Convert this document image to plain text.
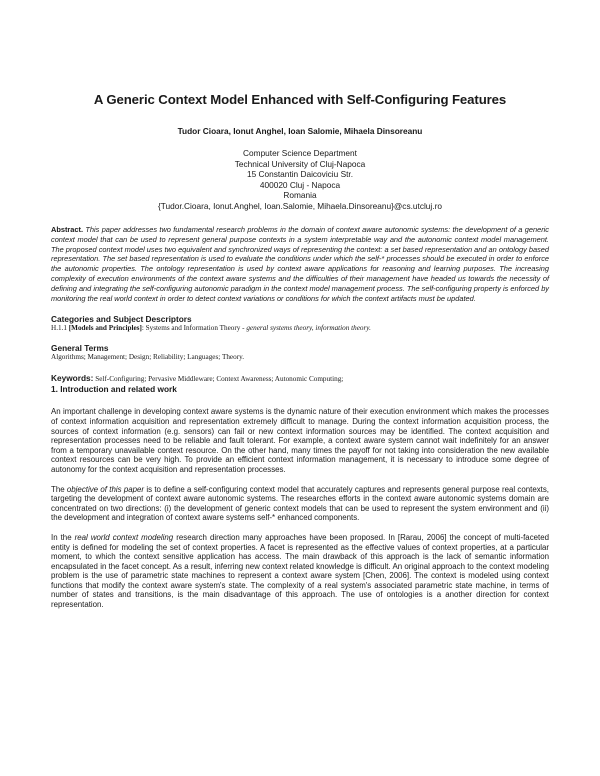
A Generic Context Model Enhanced with Self-Configuring Features

Tudor Cioara, Ionut Anghel, Ioan Salomie, Mihaela Dinsoreanu

Computer Science Department
Technical University of Cluj-Napoca
15 Constantin Daicoviciu Str.
400020 Cluj - Napoca
Romania
{Tudor.Cioara, Ionut.Anghel, Ioan.Salomie, Mihaela.Dinsoreanu}@cs.utcluj.ro

Abstract. This paper addresses two fundamental research problems in the domain of context aware autonomic systems: the development of a generic context model that can be used to represent general purpose contexts in a system interpretable way and the autonomic context model management. The proposed context model uses two equivalent and synchronized ways of representing the context: a set based representation and an ontology based representation. The set based representation is used to evaluate the conditions under which the self-* processes should be executed in order to enforce the autonomic properties. The ontology representation is used by context aware applications for reasoning and learning purposes. The increasing complexity of execution environments of the context aware systems and the difficulties of their management have headed us towards the necessity of defining and integrating the self-configuring autonomic paradigm in the context model management process. The self-configuring property is enforced by monitoring the real world context in order to detect context variations or conditions for which the context artifacts must be updated.

Categories and Subject Descriptors
H.1.1 [Models and Principles]: Systems and Information Theory - general systems theory, information theory.
General Terms
Algorithms; Management; Design; Reliability; Languages; Theory.
Keywords: Self-Configuring; Pervasive Middleware; Context Awareness; Autonomic Computing;
1. Introduction and related work

An important challenge in developing context aware systems is the dynamic nature of their execution environment which makes the processes of context information acquisition and representation extremely difficult to manage. During the context information acquisition process, the sources of context information (e.g. sensors) can fail or new context information sources may be identified. The context acquisition and representation processes need to be reliable and fault tolerant. For example, a context aware system cannot wait indefinitely for an answer from a temporary unavailable context resource. On the other hand, many times the payoff for not taking into consideration the new available context resources can be very high. To provide an efficient context information management, it is necessary to introduce some degree of autonomy for the context acquisition and representation processes.

The objective of this paper is to define a self-configuring context model that accurately captures and represents general purpose real contexts, targeting the development of context aware autonomic systems. The researches efforts in the context aware autonomic systems domain are concentrated on two directions: (i) the development of generic context models that can be used to represent the system environment and (ii) the development and integration of context aware systems self-* enhanced components.

In the real world context modeling research direction many approaches have been proposed. In [Rarau, 2006] the concept of multi-faceted entity is defined for modeling the set of context properties. A facet is represented as the effective values of context properties, at a particular moment, to which the context sensitive application has access. The main drawback of this approach is the lack of semantic information encapsulated in the facet concept. As a result, inferring new context related knowledge is difficult. An original approach to the context modeling problem is the use of parametric state machines to represent a context aware system [Chen, 2006]. The context is modeled using context functions that modify the context aware system's state. The complexity of a real system's associated parametric state machine, in terms of number of states and transitions, is the main disadvantage of this approach. The use of ontologies is a another direction for context representation.
